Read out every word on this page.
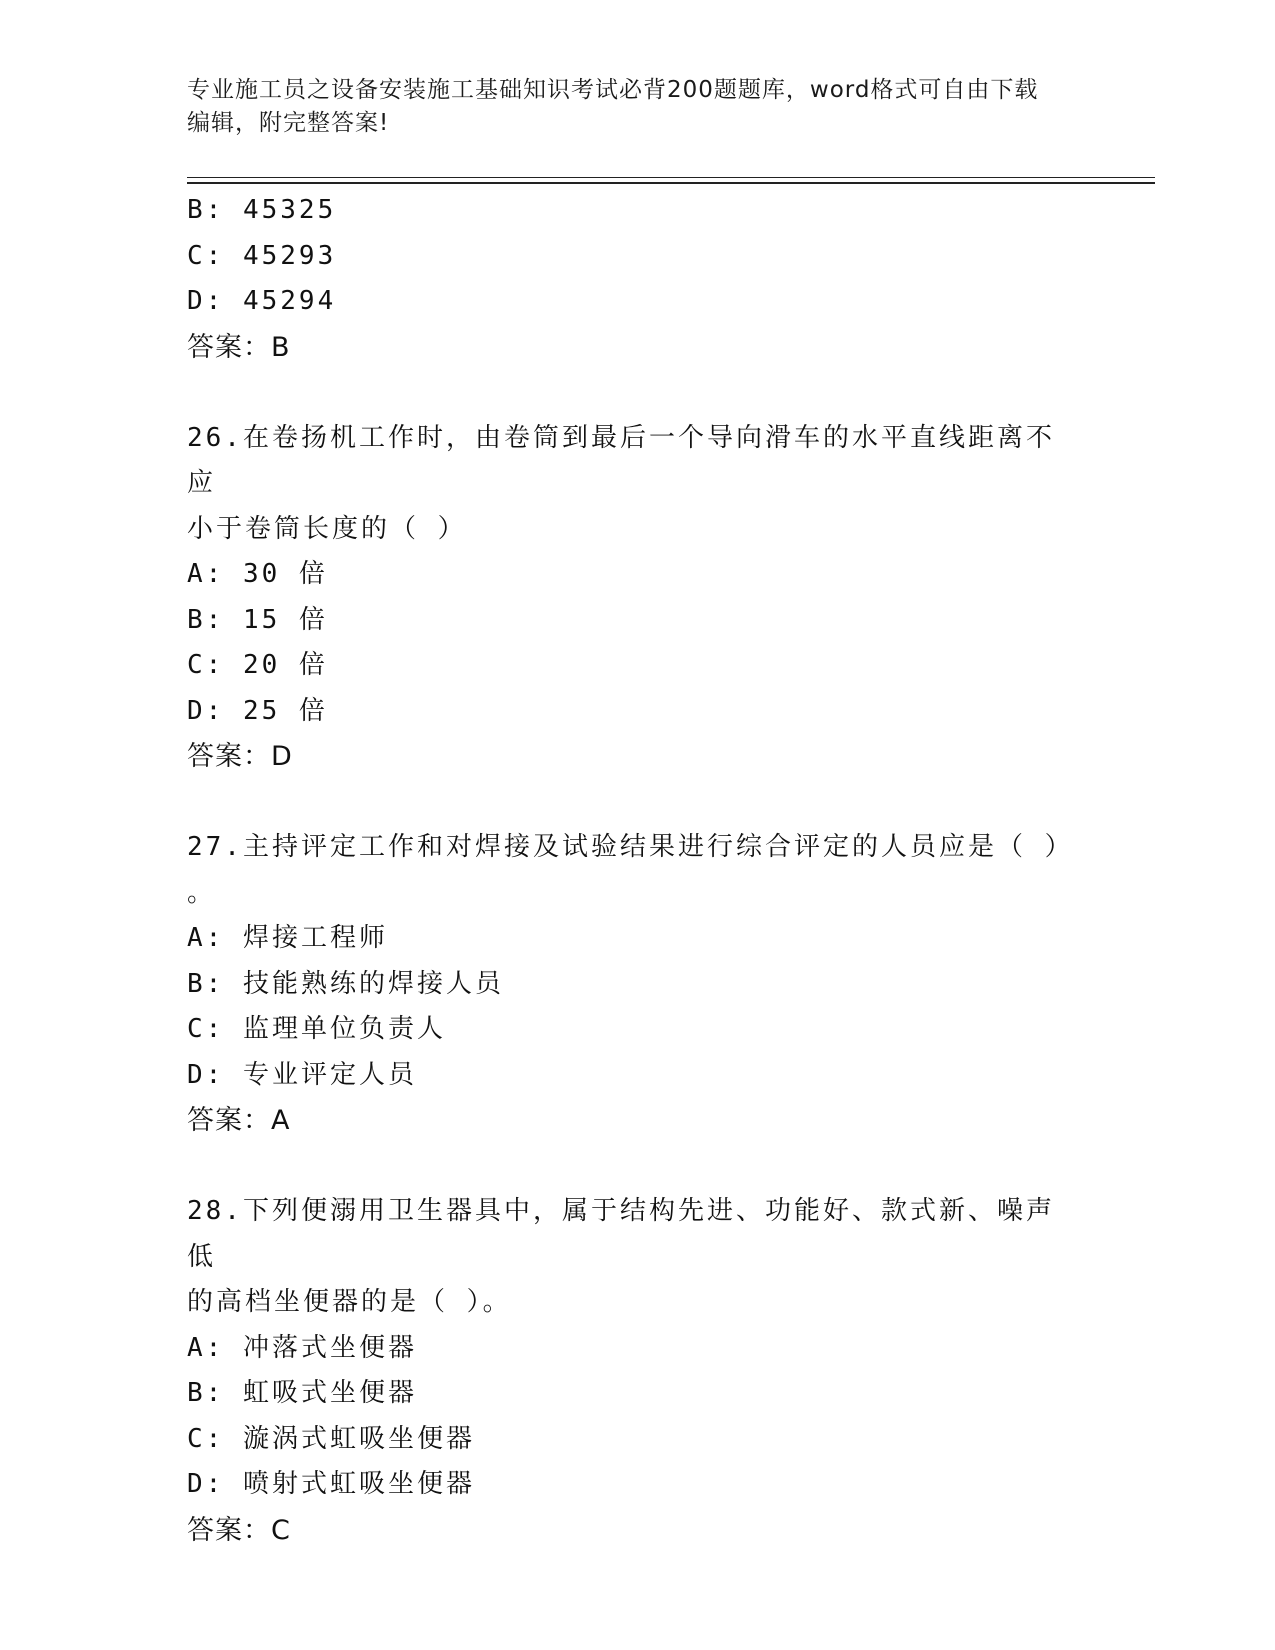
专业施工员之设备安装施工基础知识考试必背200题题库，word格式可自由下载
编辑，附完整答案!
B: 45325
C: 45293
D: 45294
答案：B
26.在卷扬机工作时，由卷筒到最后一个导向滑车的水平直线距离不应
小于卷筒长度的（ ）
A: 30 倍
B: 15 倍
C: 20 倍
D: 25 倍
答案：D
27.主持评定工作和对焊接及试验结果进行综合评定的人员应是（ ）
。
A: 焊接工程师
B: 技能熟练的焊接人员
C: 监理单位负责人
D: 专业评定人员
答案：A
28.下列便溺用卫生器具中，属于结构先进、功能好、款式新、噪声低
的高档坐便器的是（ ）。
A: 冲落式坐便器
B: 虹吸式坐便器
C: 漩涡式虹吸坐便器
D: 喷射式虹吸坐便器
答案：C
